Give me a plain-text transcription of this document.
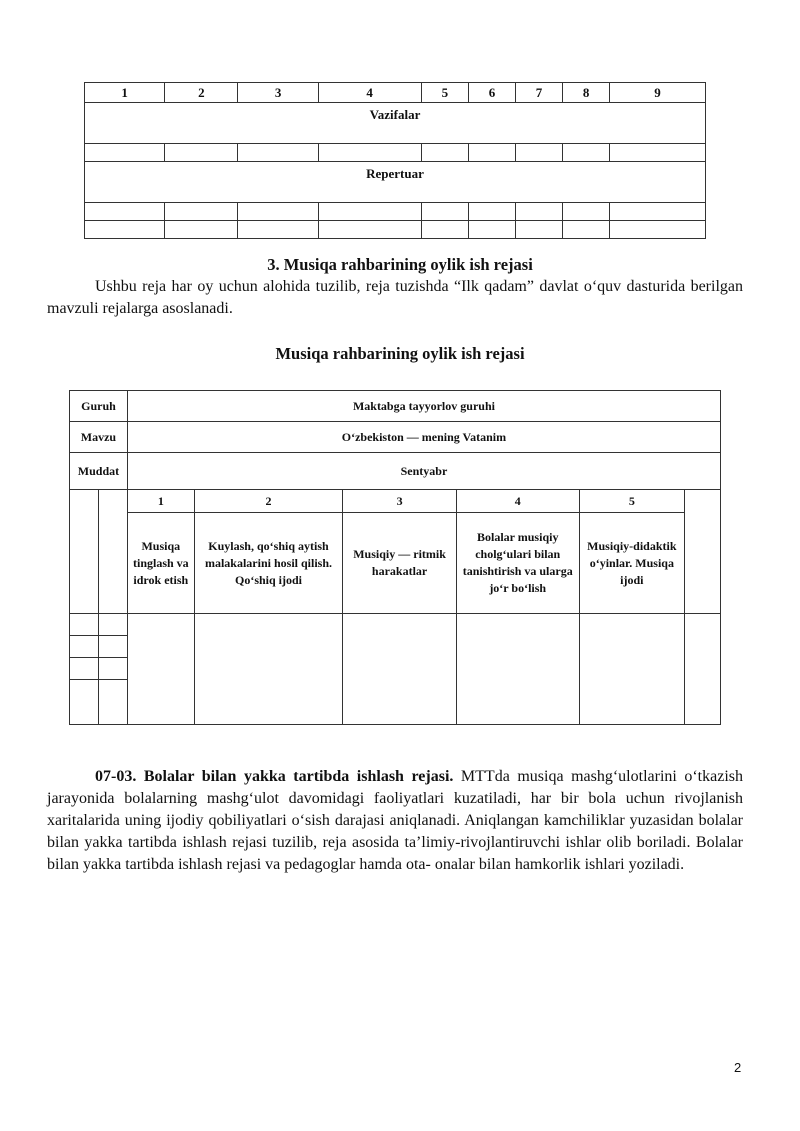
1	2	3	4	5	6	7	8	9
Vazifalar								

Repertuar								

3. Musiqa rahbarining oylik ish rejasi
Ushbu reja har oy uchun alohida tuzilib, reja tuzishda “Ilk qadam” davlat o‘quv dasturida berilgan mavzuli rejalarga asoslanadi.
Musiqa rahbarining oylik ish rejasi
Guruh		Maktabga tayyorlov guruhi					
Mavzu		O‘zbekiston — mening Vatanim					
Muddat		Sentyabr					
		1	2	3	4	5	
		Musiqa tinglash va idrok etish	Kuylash, qo‘shiq aytish malakalarini hosil qilish. Qo‘shiq ijodi	Musiqiy — ritmik harakatlar	Bolalar musiqiy cholg‘ulari bilan tanishtirish va ularga jo‘r bo‘lish	Musiqiy-didaktik o‘yinlar. Musiqa ijodi	

07-03. Bolalar bilan yakka tartibda ishlash rejasi. MTTda musiqa mashg‘ulotlarini o‘tkazish jarayonida bolalarning mashg‘ulot davomidagi faoliyatlari kuzatiladi, har bir bola uchun rivojlanish xaritalarida uning ijodiy qobiliyatlari o‘sish darajasi aniqlanadi. Aniqlangan kamchiliklar yuzasidan bolalar bilan yakka tartibda ishlash rejasi tuzilib, reja asosida ta’limiy-rivojlantiruvchi ishlar olib boriladi. Bolalar bilan yakka tartibda ishlash rejasi va pedagoglar hamda ota- onalar bilan hamkorlik ishlari yoziladi.
2
